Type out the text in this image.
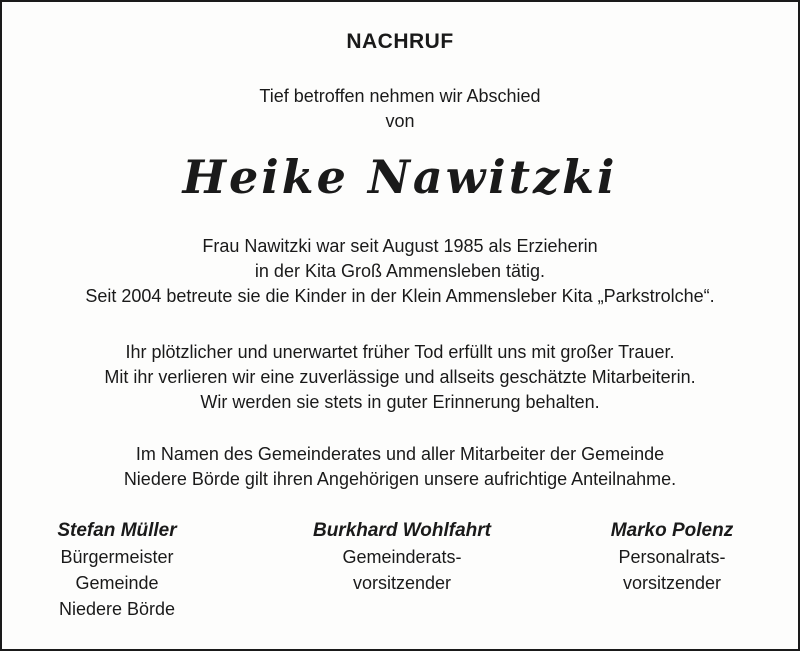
NACHRUF
Tief betroffen nehmen wir Abschied
von
Heike Nawitzki
Frau Nawitzki war seit August 1985 als Erzieherin
in der Kita Groß Ammensleben tätig.
Seit 2004 betreute sie die Kinder in der Klein Ammensleber Kita „Parkstrolche“.
Ihr plötzlicher und unerwartet früher Tod erfüllt uns mit großer Trauer.
Mit ihr verlieren wir eine zuverlässige und allseits geschätzte Mitarbeiterin.
Wir werden sie stets in guter Erinnerung behalten.
Im Namen des Gemeinderates und aller Mitarbeiter der Gemeinde
Niedere Börde gilt ihren Angehörigen unsere aufrichtige Anteilnahme.
Stefan Müller
Bürgermeister
Gemeinde
Niedere Börde
Burkhard Wohlfahrt
Gemeinderats-
vorsitzender
Marko Polenz
Personalrats-
vorsitzender
